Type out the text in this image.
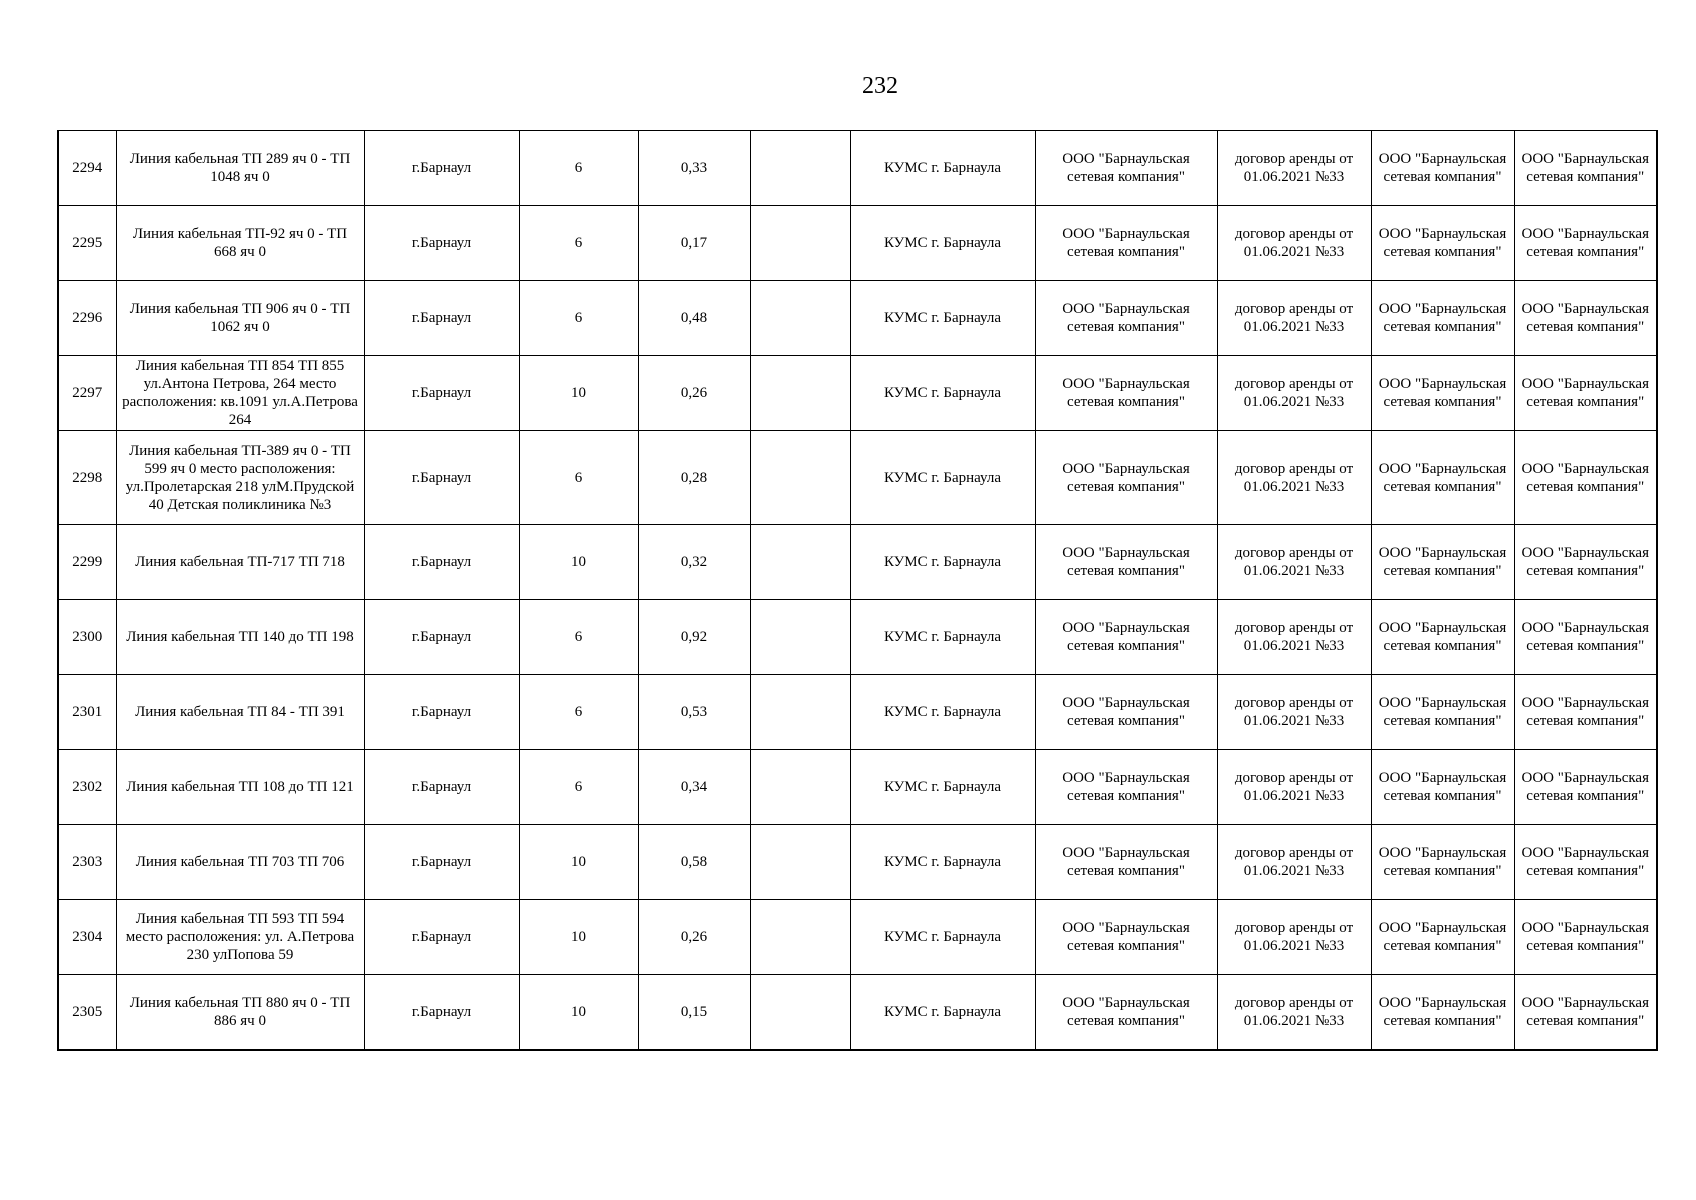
232
2294	Линия кабельная ТП 289 яч 0 - ТП 1048 яч 0	г.Барнаул	6	0,33		КУМС г. Барнаула	ООО "Барнаульская сетевая компания"	договор аренды от 01.06.2021 №33	ООО "Барнаульская сетевая компания"	ООО "Барнаульская сетевая компания"
2295	Линия кабельная ТП-92 яч 0 - ТП 668 яч 0	г.Барнаул	6	0,17		КУМС г. Барнаула	ООО "Барнаульская сетевая компания"	договор аренды от 01.06.2021 №33	ООО "Барнаульская сетевая компания"	ООО "Барнаульская сетевая компания"
2296	Линия кабельная ТП 906 яч 0 - ТП 1062 яч 0	г.Барнаул	6	0,48		КУМС г. Барнаула	ООО "Барнаульская сетевая компания"	договор аренды от 01.06.2021 №33	ООО "Барнаульская сетевая компания"	ООО "Барнаульская сетевая компания"
2297	Линия кабельная ТП 854 ТП 855 ул.Антона Петрова, 264 место расположения: кв.1091 ул.А.Петрова 264	г.Барнаул	10	0,26		КУМС г. Барнаула	ООО "Барнаульская сетевая компания"	договор аренды от 01.06.2021 №33	ООО "Барнаульская сетевая компания"	ООО "Барнаульская сетевая компания"
2298	Линия кабельная ТП-389 яч 0 - ТП 599 яч 0 место расположения: ул.Пролетарская 218 улМ.Прудской 40 Детская поликлиника №3	г.Барнаул	6	0,28		КУМС г. Барнаула	ООО "Барнаульская сетевая компания"	договор аренды от 01.06.2021 №33	ООО "Барнаульская сетевая компания"	ООО "Барнаульская сетевая компания"
2299	Линия кабельная ТП-717 ТП 718	г.Барнаул	10	0,32		КУМС г. Барнаула	ООО "Барнаульская сетевая компания"	договор аренды от 01.06.2021 №33	ООО "Барнаульская сетевая компания"	ООО "Барнаульская сетевая компания"
2300	Линия кабельная ТП 140 до ТП 198	г.Барнаул	6	0,92		КУМС г. Барнаула	ООО "Барнаульская сетевая компания"	договор аренды от 01.06.2021 №33	ООО "Барнаульская сетевая компания"	ООО "Барнаульская сетевая компания"
2301	Линия кабельная ТП 84 - ТП 391	г.Барнаул	6	0,53		КУМС г. Барнаула	ООО "Барнаульская сетевая компания"	договор аренды от 01.06.2021 №33	ООО "Барнаульская сетевая компания"	ООО "Барнаульская сетевая компания"
2302	Линия кабельная ТП 108 до ТП 121	г.Барнаул	6	0,34		КУМС г. Барнаула	ООО "Барнаульская сетевая компания"	договор аренды от 01.06.2021 №33	ООО "Барнаульская сетевая компания"	ООО "Барнаульская сетевая компания"
2303	Линия кабельная ТП 703 ТП 706	г.Барнаул	10	0,58		КУМС г. Барнаула	ООО "Барнаульская сетевая компания"	договор аренды от 01.06.2021 №33	ООО "Барнаульская сетевая компания"	ООО "Барнаульская сетевая компания"
2304	Линия кабельная ТП 593 ТП 594 место расположения: ул. А.Петрова 230 улПопова 59	г.Барнаул	10	0,26		КУМС г. Барнаула	ООО "Барнаульская сетевая компания"	договор аренды от 01.06.2021 №33	ООО "Барнаульская сетевая компания"	ООО "Барнаульская сетевая компания"
2305	Линия кабельная ТП 880 яч 0 - ТП 886 яч 0	г.Барнаул	10	0,15		КУМС г. Барнаула	ООО "Барнаульская сетевая компания"	договор аренды от 01.06.2021 №33	ООО "Барнаульская сетевая компания"	ООО "Барнаульская сетевая компания"
